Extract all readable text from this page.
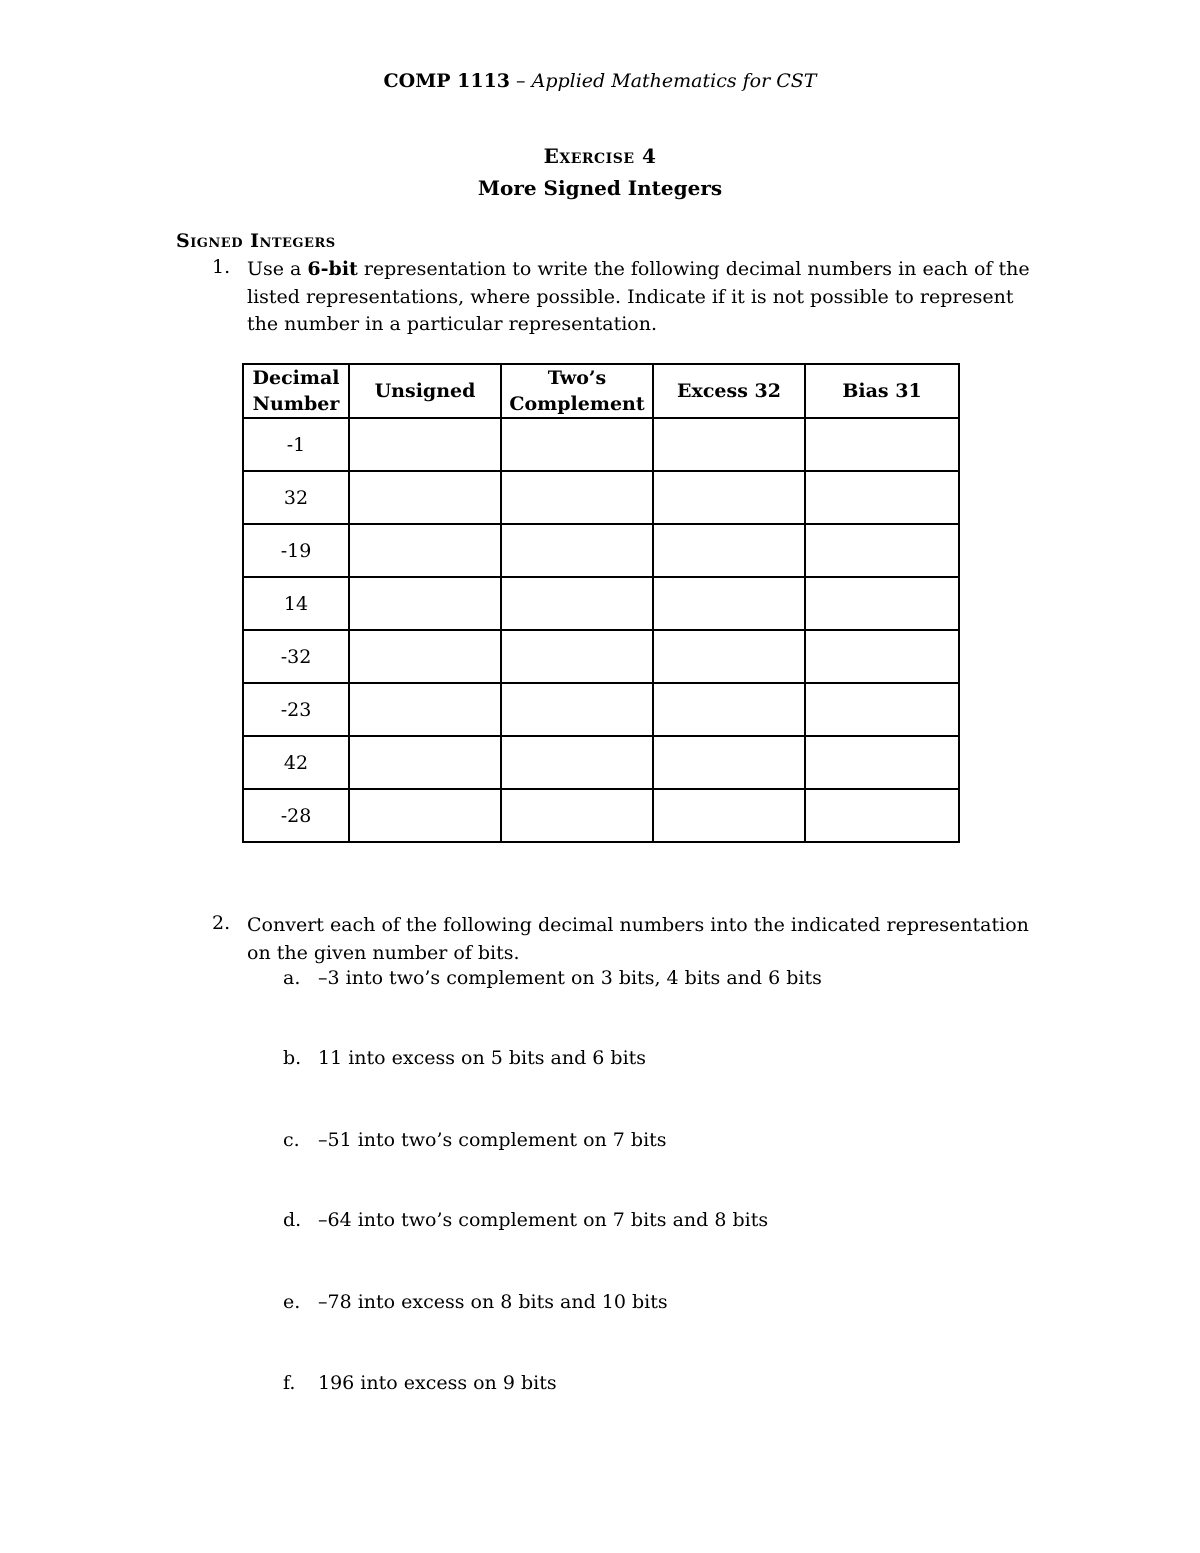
COMP 1113 – Applied Mathematics for CST
Exercise 4
More Signed Integers
Signed Integers
1. Use a 6-bit representation to write the following decimal numbers in each of the listed representations, where possible. Indicate if it is not possible to represent the number in a particular representation.
Decimal Number	Unsigned	Two’s Complement	Excess 32	Bias 31
-1				
32				
-19				
14				
-32				
-23				
42				
-28				
2. Convert each of the following decimal numbers into the indicated representation on the given number of bits.
a. –3 into two’s complement on 3 bits, 4 bits and 6 bits
b. 11 into excess on 5 bits and 6 bits
c. –51 into two’s complement on 7 bits
d. –64 into two’s complement on 7 bits and 8 bits
e. –78 into excess on 8 bits and 10 bits
f. 196 into excess on 9 bits
